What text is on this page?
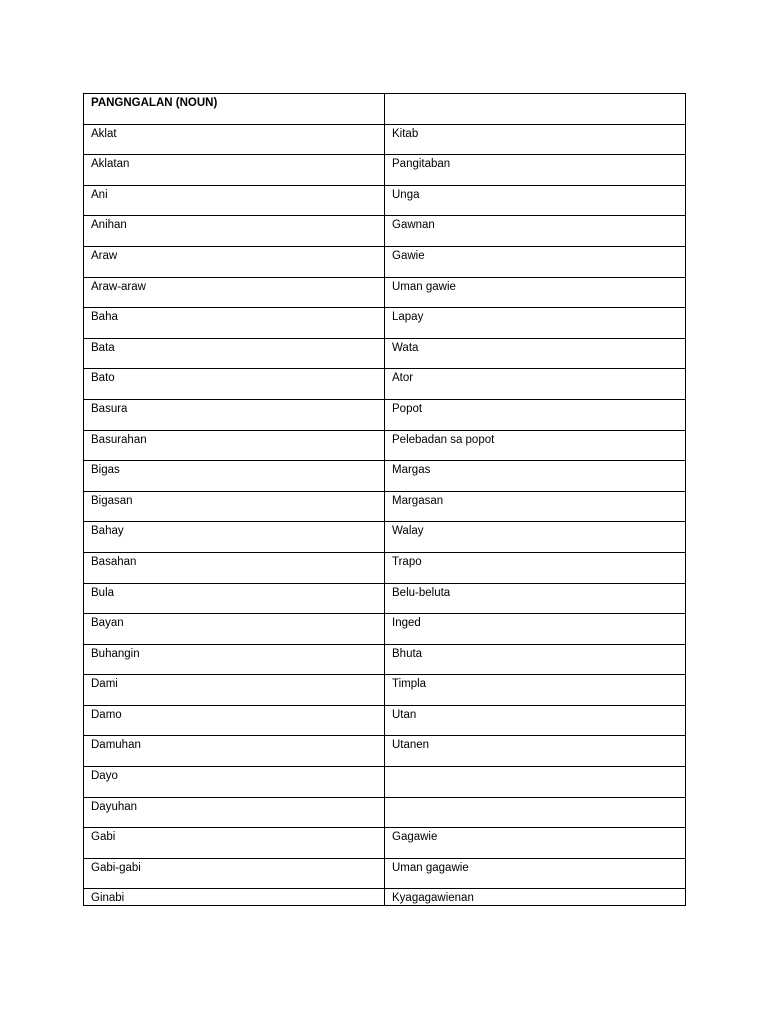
PANGNGALAN (NOUN)	
Aklat	Kitab
Aklatan	Pangitaban
Ani	Unga
Anihan	Gawnan
Araw	Gawie
Araw-araw	Uman gawie
Baha	Lapay
Bata	Wata
Bato	Ator
Basura	Popot
Basurahan	Pelebadan sa popot
Bigas	Margas
Bigasan	Margasan
Bahay	Walay
Basahan	Trapo
Bula	Belu-beluta
Bayan	Inged
Buhangin	Bhuta
Dami	Timpla
Damo	Utan
Damuhan	Utanen
Dayo	
Dayuhan	
Gabi	Gagawie
Gabi-gabi	Uman gagawie
Ginabi	Kyagagawienan
